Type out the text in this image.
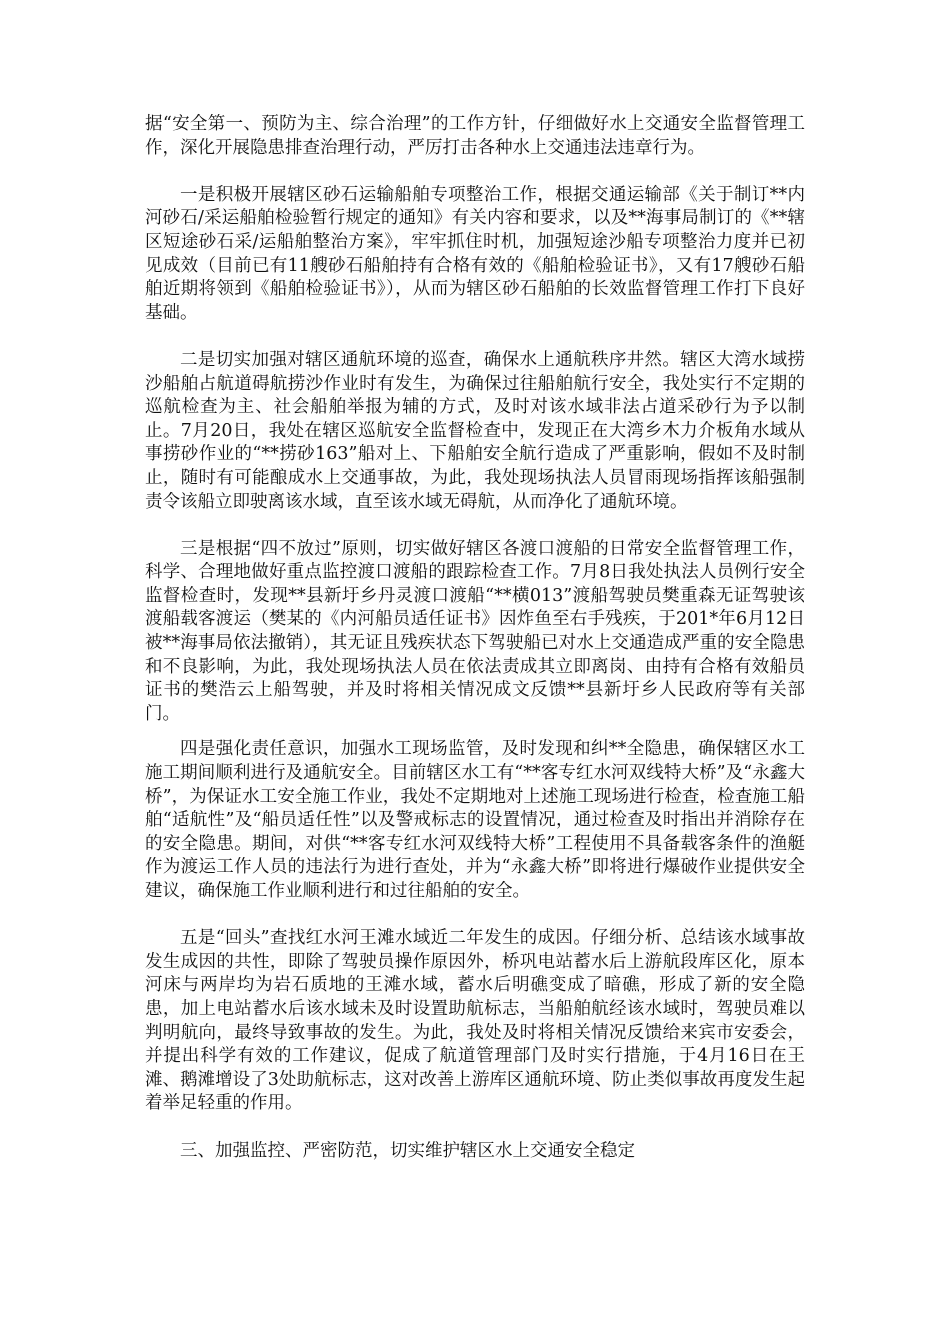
据“安全第一、预防为主、综合治理”的工作方针，仔细做好水上交通安全监督管理工作，深化开展隐患排查治理行动，严厉打击各种水上交通违法违章行为。

一是积极开展辖区砂石运输船舶专项整治工作，根据交通运输部《关于制订**内河砂石/采运船舶检验暂行规定的通知》有关内容和要求，以及**海事局制订的《**辖区短途砂石采/运船舶整治方案》，牢牢抓住时机，加强短途沙船专项整治力度并已初见成效（目前已有11艘砂石船舶持有合格有效的《船舶检验证书》，又有17艘砂石船舶近期将领到《船舶检验证书》），从而为辖区砂石船舶的长效监督管理工作打下良好基础。

二是切实加强对辖区通航环境的巡查，确保水上通航秩序井然。辖区大湾水域捞沙船舶占航道碍航捞沙作业时有发生，为确保过往船舶航行安全，我处实行不定期的巡航检查为主、社会船舶举报为辅的方式，及时对该水域非法占道采砂行为予以制止。7月20日，我处在辖区巡航安全监督检查中，发现正在大湾乡木力介板角水域从事捞砂作业的“**捞砂163”船对上、下船舶安全航行造成了严重影响，假如不及时制止，随时有可能酿成水上交通事故，为此，我处现场执法人员冒雨现场指挥该船强制责令该船立即驶离该水域，直至该水域无碍航，从而净化了通航环境。

三是根据“四不放过”原则，切实做好辖区各渡口渡船的日常安全监督管理工作，科学、合理地做好重点监控渡口渡船的跟踪检查工作。7月8日我处执法人员例行安全监督检查时，发现**县新圩乡丹灵渡口渡船“**横013”渡船驾驶员樊重森无证驾驶该渡船载客渡运（樊某的《内河船员适任证书》因炸鱼至右手残疾，于201*年6月12日被**海事局依法撤销），其无证且残疾状态下驾驶船已对水上交通造成严重的安全隐患和不良影响，为此，我处现场执法人员在依法责成其立即离岗、由持有合格有效船员证书的樊浩云上船驾驶，并及时将相关情况成文反馈**县新圩乡人民政府等有关部门。

四是强化责任意识，加强水工现场监管，及时发现和纠**全隐患，确保辖区水工施工期间顺利进行及通航安全。目前辖区水工有“**客专红水河双线特大桥”及“永鑫大桥”，为保证水工安全施工作业，我处不定期地对上述施工现场进行检查，检查施工船舶“适航性”及“船员适任性”以及警戒标志的设置情况，通过检查及时指出并消除存在的安全隐患。期间，对供“**客专红水河双线特大桥”工程使用不具备载客条件的渔艇作为渡运工作人员的违法行为进行查处，并为“永鑫大桥”即将进行爆破作业提供安全建议，确保施工作业顺利进行和过往船舶的安全。

五是“回头”查找红水河王滩水域近二年发生的成因。仔细分析、总结该水域事故发生成因的共性，即除了驾驶员操作原因外，桥巩电站蓄水后上游航段库区化，原本河床与两岸均为岩石质地的王滩水域，蓄水后明礁变成了暗礁，形成了新的安全隐患，加上电站蓄水后该水域未及时设置助航标志，当船舶航经该水域时，驾驶员难以判明航向，最终导致事故的发生。为此，我处及时将相关情况反馈给来宾市安委会，并提出科学有效的工作建议，促成了航道管理部门及时实行措施，于4月16日在王滩、鹅滩增设了3处助航标志，这对改善上游库区通航环境、防止类似事故再度发生起着举足轻重的作用。

三、加强监控、严密防范，切实维护辖区水上交通安全稳定
